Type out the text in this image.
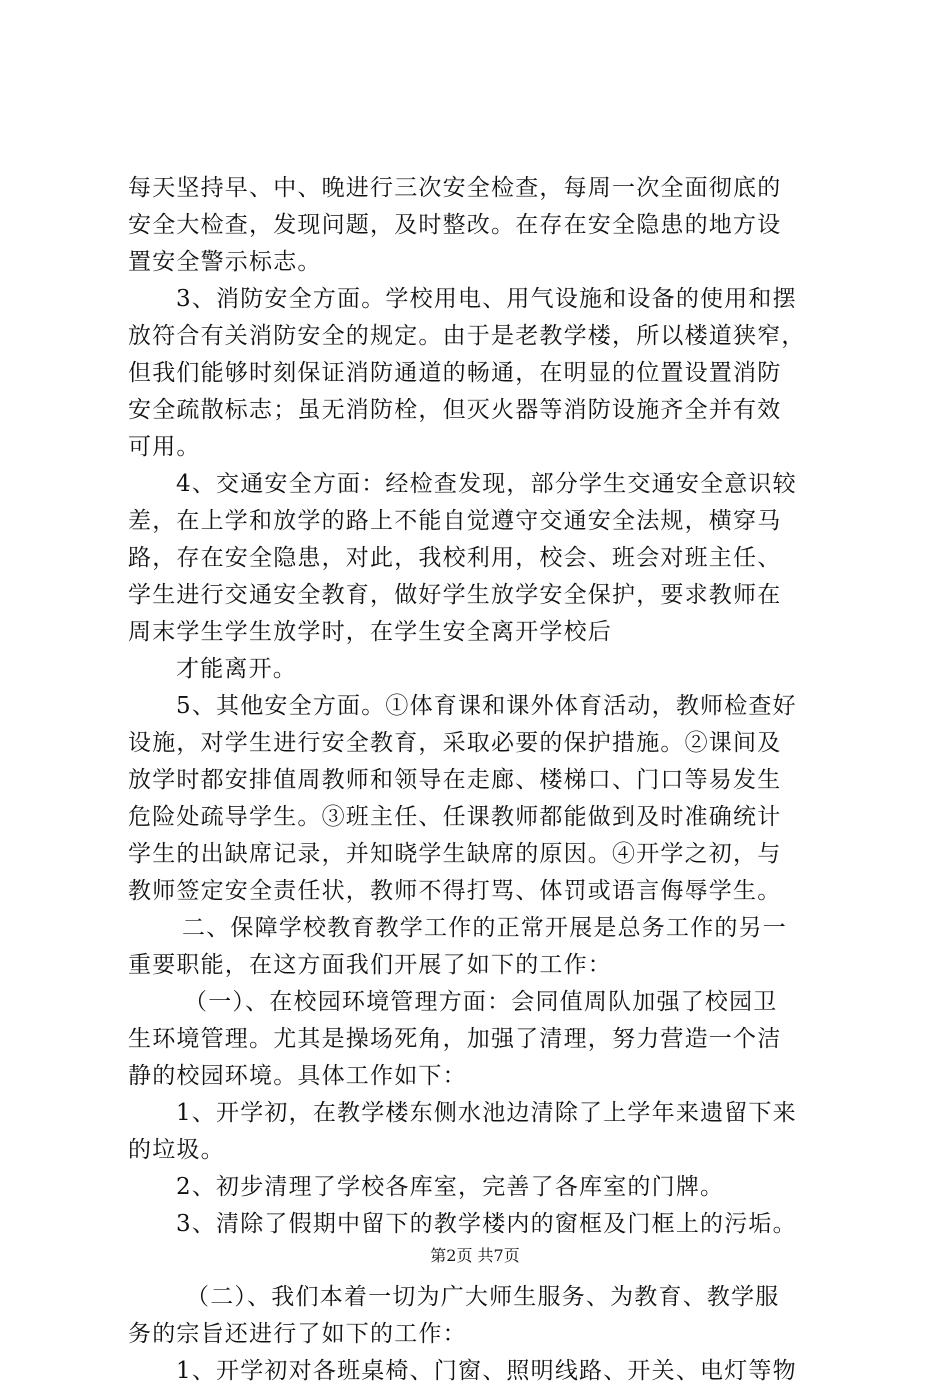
每天坚持早、中、晚进行三次安全检查，每周一次全面彻底的
安全大检查，发现问题，及时整改。在存在安全隐患的地方设
置安全警示标志。
3、消防安全方面。学校用电、用气设施和设备的使用和摆
放符合有关消防安全的规定。由于是老教学楼，所以楼道狭窄，
但我们能够时刻保证消防通道的畅通，在明显的位置设置消防
安全疏散标志；虽无消防栓，但灭火器等消防设施齐全并有效
可用。
4、交通安全方面：经检查发现，部分学生交通安全意识较
差，在上学和放学的路上不能自觉遵守交通安全法规，横穿马
路，存在安全隐患，对此，我校利用，校会、班会对班主任、
学生进行交通安全教育，做好学生放学安全保护，要求教师在
周末学生学生放学时，在学生安全离开学校后
才能离开。
5、其他安全方面。①体育课和课外体育活动，教师检查好
设施，对学生进行安全教育，采取必要的保护措施。②课间及
放学时都安排值周教师和领导在走廊、楼梯口、门口等易发生
危险处疏导学生。③班主任、任课教师都能做到及时准确统计
学生的出缺席记录，并知晓学生缺席的原因。④开学之初，与
教师签定安全责任状，教师不得打骂、体罚或语言侮辱学生。
二、保障学校教育教学工作的正常开展是总务工作的另一
重要职能，在这方面我们开展了如下的工作：
（一）、在校园环境管理方面：会同值周队加强了校园卫
生环境管理。尤其是操场死角，加强了清理，努力营造一个洁
静的校园环境。具体工作如下：
1、开学初，在教学楼东侧水池边清除了上学年来遗留下来
的垃圾。
2、初步清理了学校各库室，完善了各库室的门牌。
3、清除了假期中留下的教学楼内的窗框及门框上的污垢。
（二）、我们本着一切为广大师生服务、为教育、教学服
务的宗旨还进行了如下的工作：
1、开学初对各班桌椅、门窗、照明线路、开关、电灯等物
第2页 共7页
